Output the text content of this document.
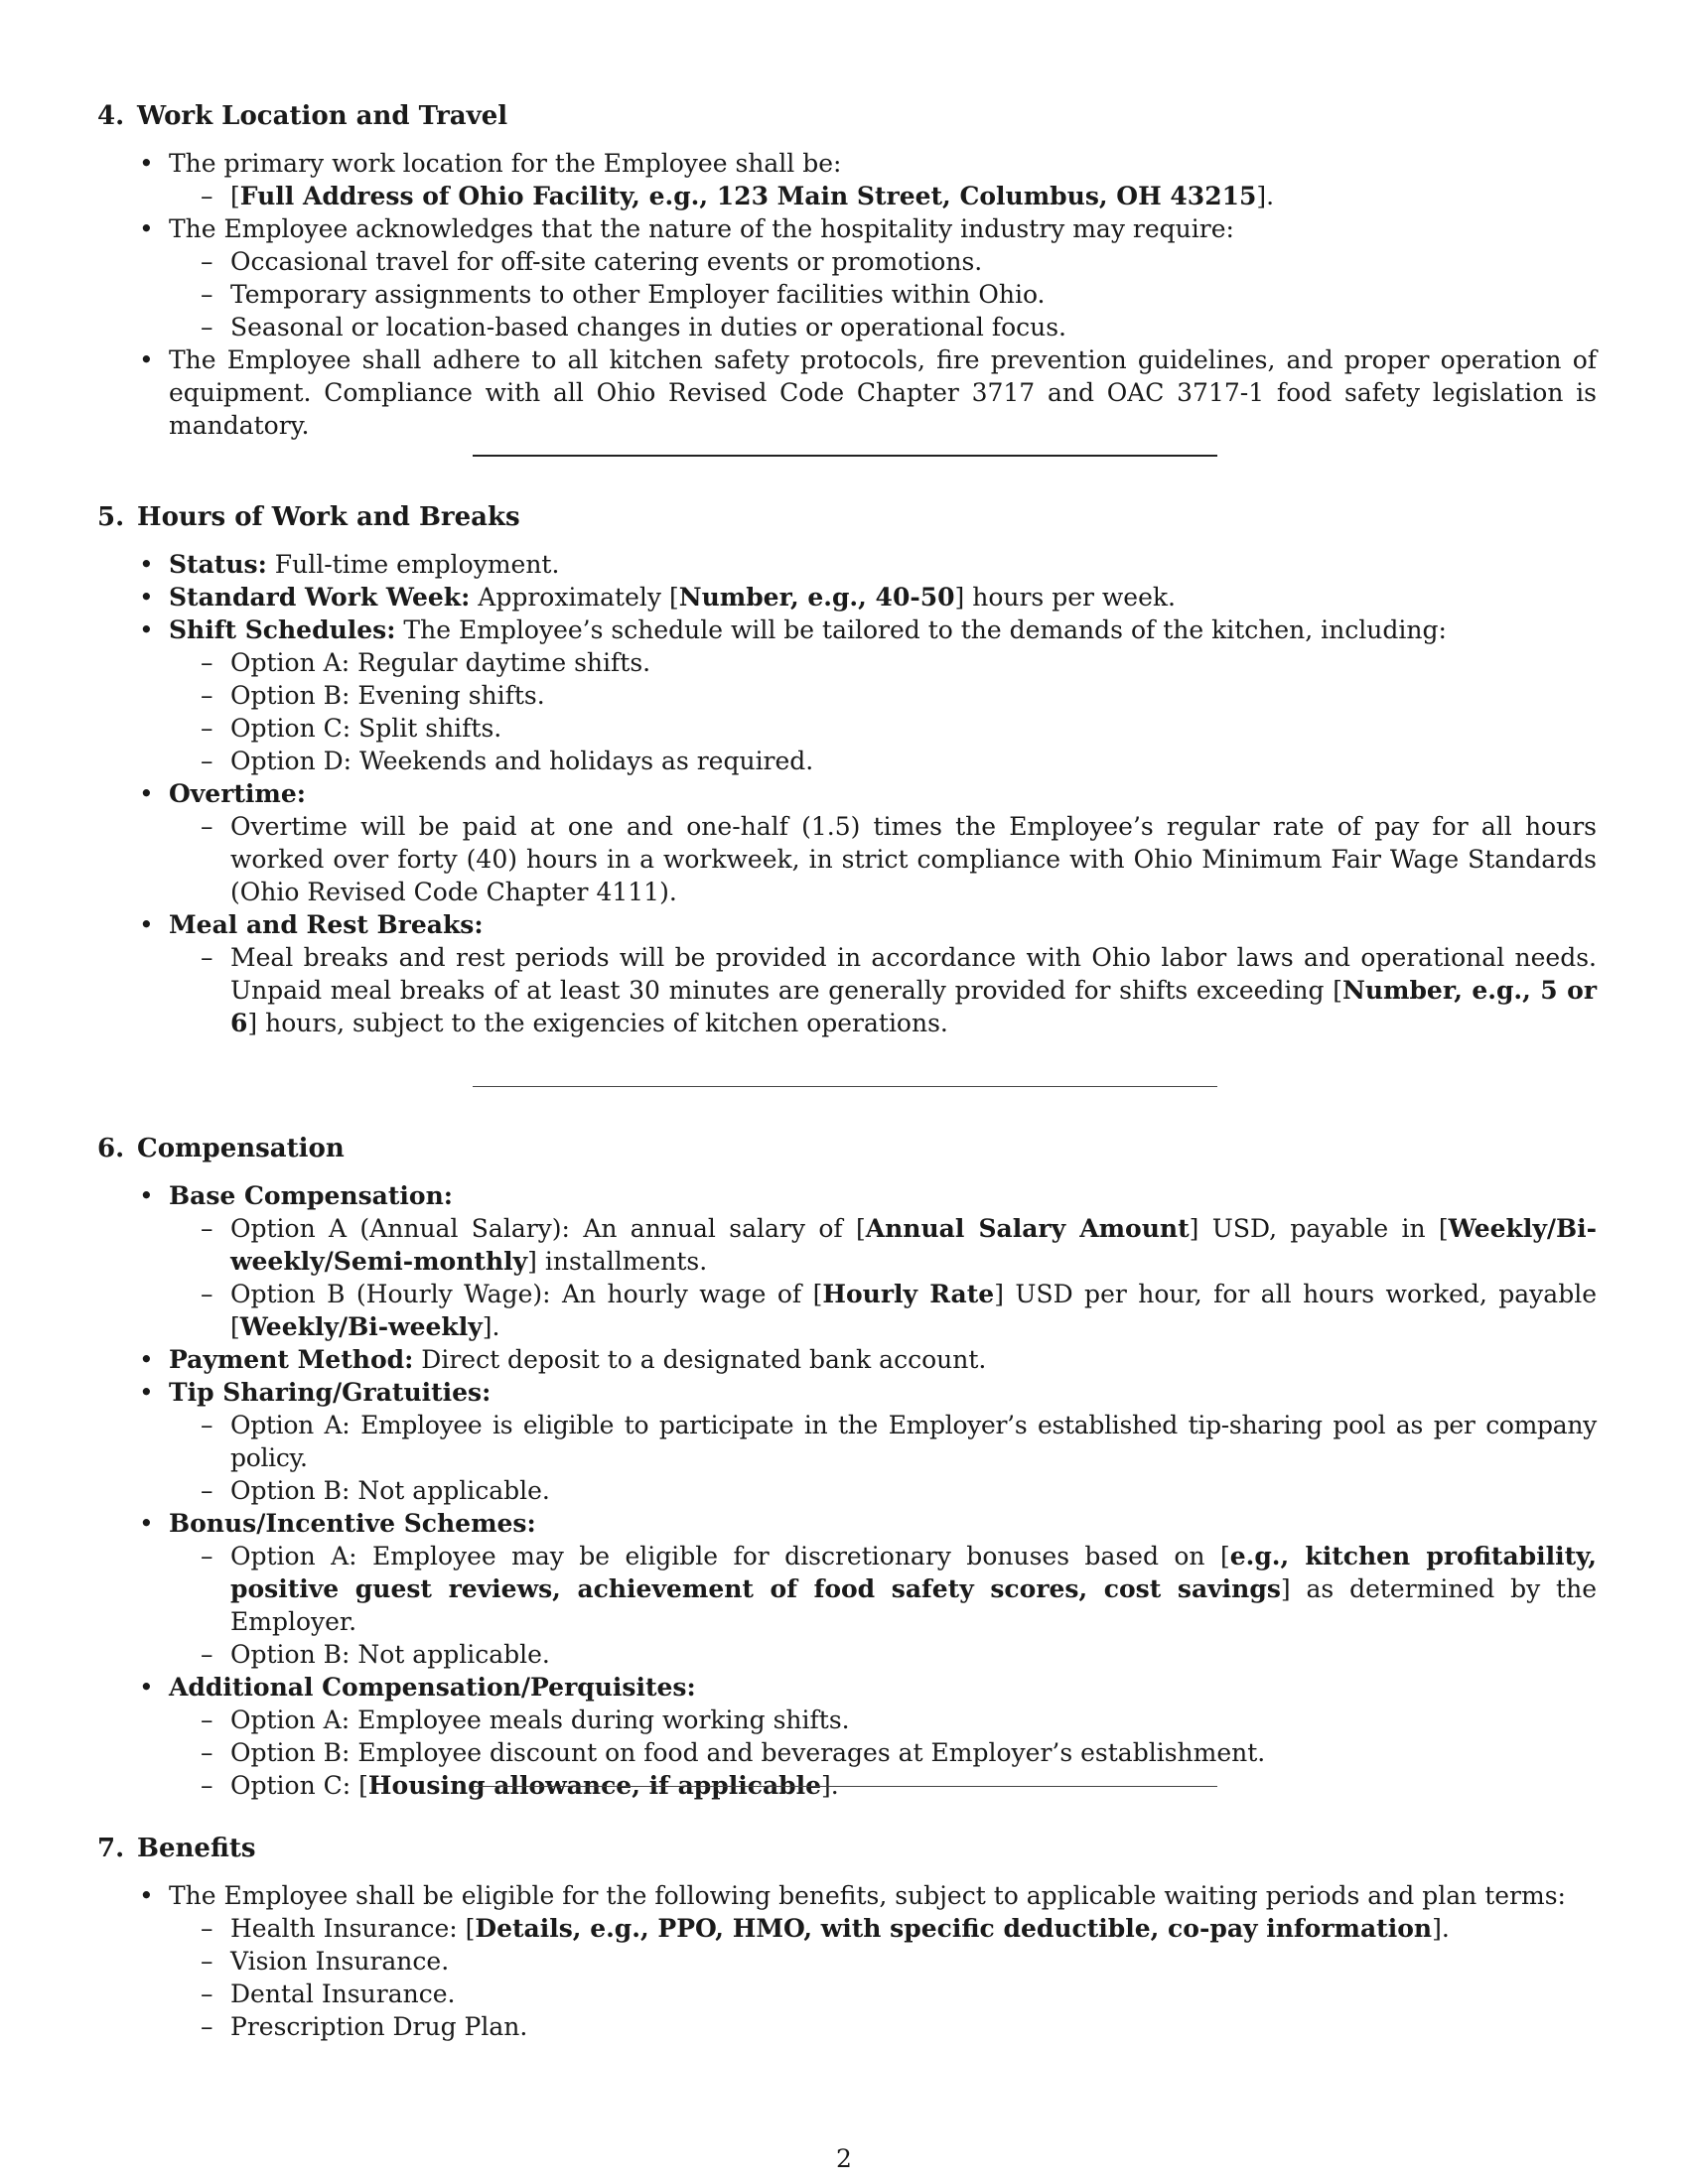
4. Work Location and Travel
• The primary work location for the Employee shall be:
– [Full Address of Ohio Facility, e.g., 123 Main Street, Columbus, OH 43215].
• The Employee acknowledges that the nature of the hospitality industry may require:
– Occasional travel for off-site catering events or promotions.
– Temporary assignments to other Employer facilities within Ohio.
– Seasonal or location-based changes in duties or operational focus.
• The Employee shall adhere to all kitchen safety protocols, fire prevention guidelines, and proper operation of equipment. Compliance with all Ohio Revised Code Chapter 3717 and OAC 3717-1 food safety legislation is mandatory.
5. Hours of Work and Breaks
• Status: Full-time employment.
• Standard Work Week: Approximately [Number, e.g., 40-50] hours per week.
• Shift Schedules: The Employee’s schedule will be tailored to the demands of the kitchen, including:
– Option A: Regular daytime shifts.
– Option B: Evening shifts.
– Option C: Split shifts.
– Option D: Weekends and holidays as required.
• Overtime:
– Overtime will be paid at one and one-half (1.5) times the Employee’s regular rate of pay for all hours worked over forty (40) hours in a workweek, in strict compliance with Ohio Minimum Fair Wage Standards (Ohio Revised Code Chapter 4111).
• Meal and Rest Breaks:
– Meal breaks and rest periods will be provided in accordance with Ohio labor laws and operational needs. Unpaid meal breaks of at least 30 minutes are generally provided for shifts exceeding [Number, e.g., 5 or 6] hours, subject to the exigencies of kitchen operations.
6. Compensation
• Base Compensation:
– Option A (Annual Salary): An annual salary of [Annual Salary Amount] USD, payable in [Weekly/Bi-weekly/Semi-monthly] installments.
– Option B (Hourly Wage): An hourly wage of [Hourly Rate] USD per hour, for all hours worked, payable [Weekly/Bi-weekly].
• Payment Method: Direct deposit to a designated bank account.
• Tip Sharing/Gratuities:
– Option A: Employee is eligible to participate in the Employer’s established tip-sharing pool as per company policy.
– Option B: Not applicable.
• Bonus/Incentive Schemes:
– Option A: Employee may be eligible for discretionary bonuses based on [e.g., kitchen profitability, positive guest reviews, achievement of food safety scores, cost savings] as determined by the Employer.
– Option B: Not applicable.
• Additional Compensation/Perquisites:
– Option A: Employee meals during working shifts.
– Option B: Employee discount on food and beverages at Employer’s establishment.
– Option C: [Housing allowance, if applicable].
7. Benefits
• The Employee shall be eligible for the following benefits, subject to applicable waiting periods and plan terms:
– Health Insurance: [Details, e.g., PPO, HMO, with specific deductible, co-pay information].
– Vision Insurance.
– Dental Insurance.
– Prescription Drug Plan.
2
